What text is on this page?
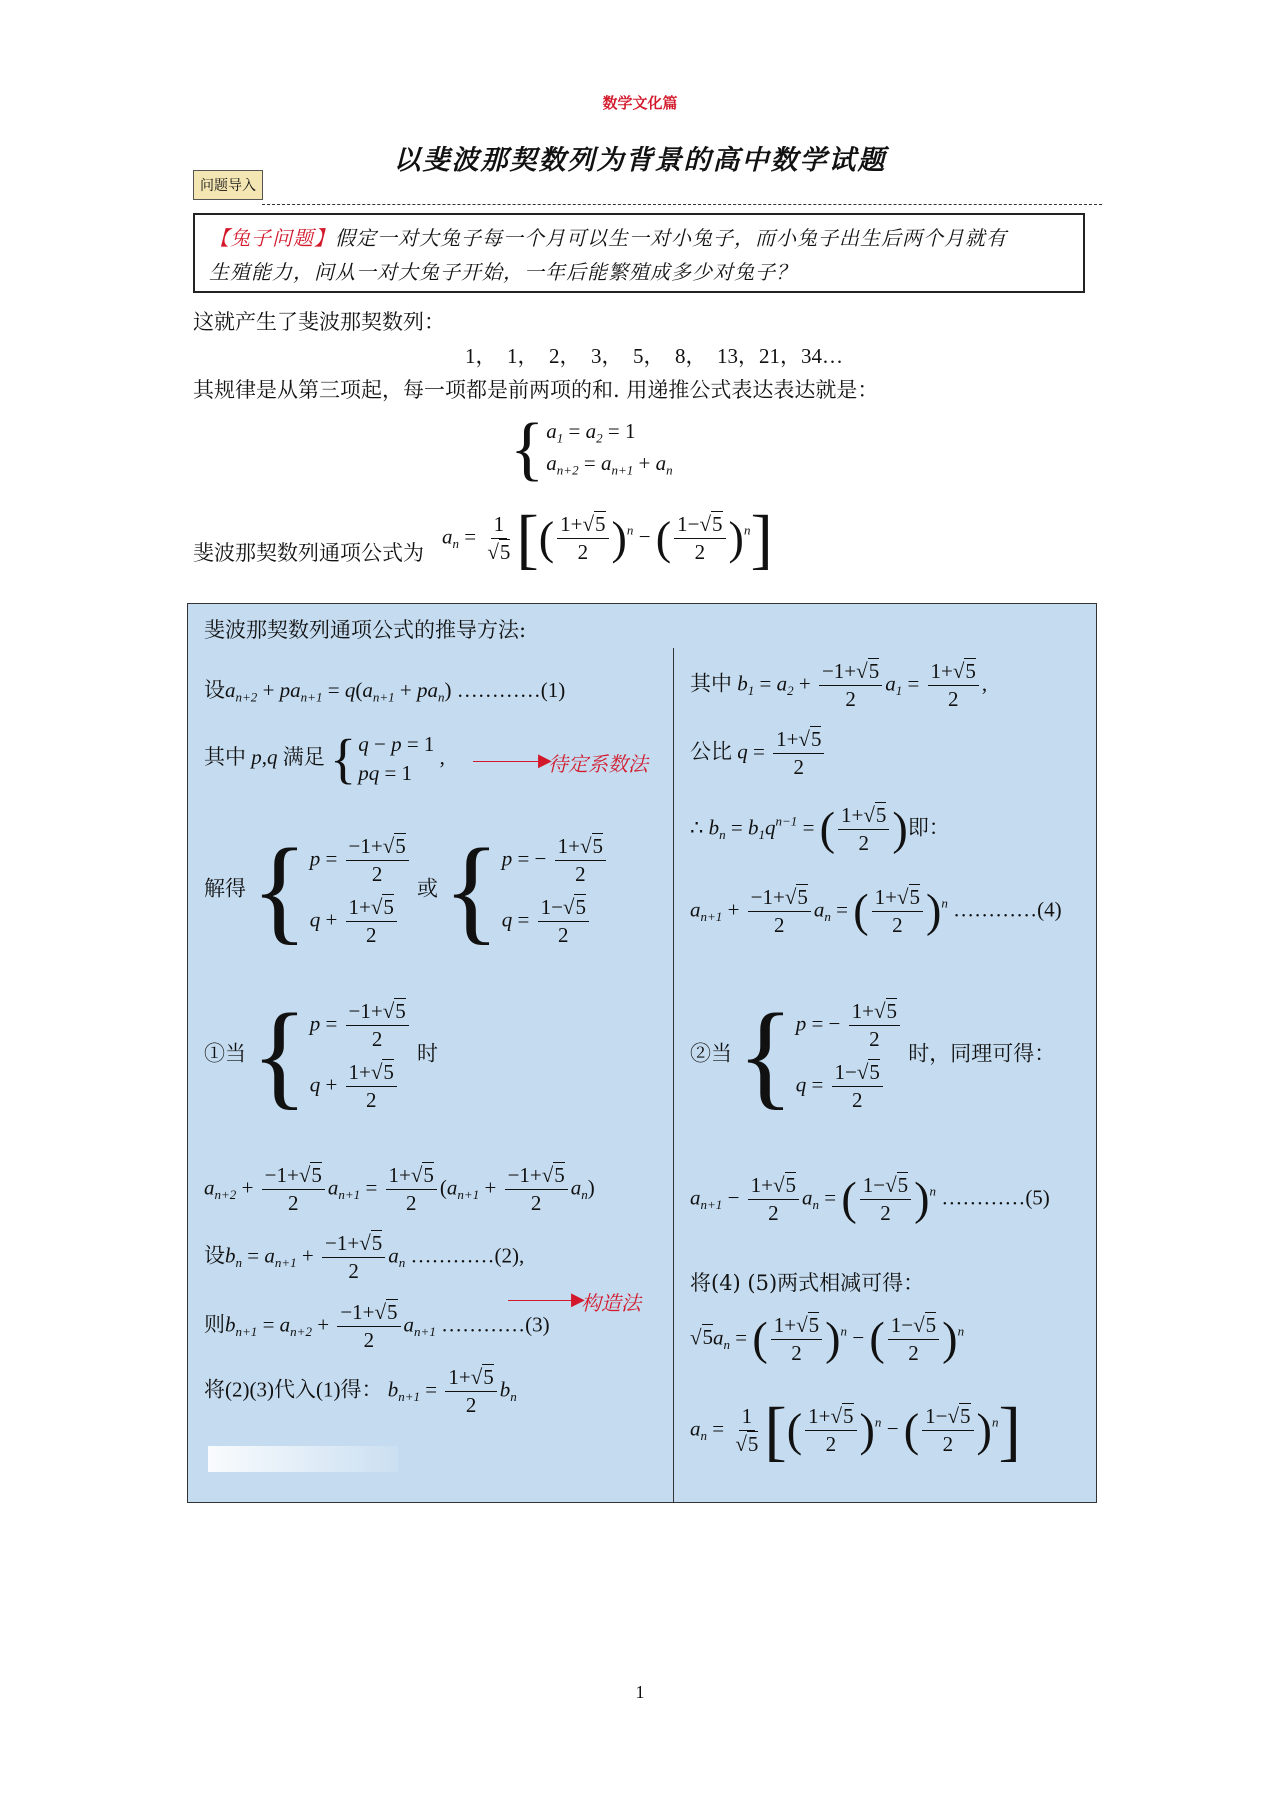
数学文化篇
以斐波那契数列为背景的高中数学试题
问题导入
【兔子问题】假定一对大兔子每一个月可以生一对小兔子，而小兔子出生后两个月就有
生殖能力，问从一对大兔子开始，一年后能繁殖成多少对兔子？
这就产生了斐波那契数列：
1，  1，  2，  3，  5，  8，  13，21，34…
其规律是从第三项起，每一项都是前两项的和. 用递推公式表达表达就是：
{ $a_1 = a_2 = 1$
$a_{n+2} = a_{n+1} + a_n$
斐波那契数列通项公式为
$a_n = \frac{1}{√5}$ [( $\frac{1+√5}{2} )^n$ − ( $\frac{1-√5}{2} )^n$]
斐波那契数列通项公式的推导方法:
设$a_{n+2} + pa_{n+1} = q(a_{n+1} + pa_n)$ …………(1)
其中 p,q 满足 { q − p = 1
pq = 1
,	▶
待定系数法
解得 { $p = \frac{-1+√5}{2}$
$q + \frac{1+√5}{2}$
或 { p = − $\frac{1+√5}{2}$
$q = \frac{1-√5}{2}$
①当 { $p = \frac{-1+√5}{2}$
$q + \frac{1+√5}{2}$
时
$a_{n+2} + \frac{-1+√5}{2} a_{n+1} = \frac{1+√5}{2} (a_{n+1} + \frac{-1+√5}{2} a_n)$
设$b_n = a_{n+1} + \frac{-1+√5}{2} a_n$ …………(2),
▶
构造法
则$b_{n+1} = a_{n+2} + \frac{-1+√5}{2} a_{n+1}$ …………(3)
将(2)(3)代入(1)得： $b_{n+1} = \frac{1+√5}{2} b_n$
其中 $b_1 = a_2 + \frac{-1+√5}{2} a_1 = \frac{1+√5}{2}$ ,
公比 $q = \frac{1+√5}{2}$
∴ $b_n = b_1q^{n-1}$ = ( $\frac{1+√5}{2}$ )即：
$a_{n+1} + \frac{-1+√5}{2} a_n$ = ( $\frac{1+√5}{2} )^n$ …………(4)
②当 { p = − $\frac{1+√5}{2}$
$q = \frac{1-√5}{2}$
时，同理可得：
$a_{n+1} - \frac{1+√5}{2} a_n$ = ( $\frac{1-√5}{2} )^n$ …………(5)
将(4) (5)两式相减可得：
$√5a_n$ = ( $\frac{1+√5}{2} )^n$ − ( $\frac{1-√5}{2} )^n$
$a_n = \frac{1}{√5}$ [( $\frac{1+√5}{2} )^n$ − ( $\frac{1-√5}{2} )^n$]
1
